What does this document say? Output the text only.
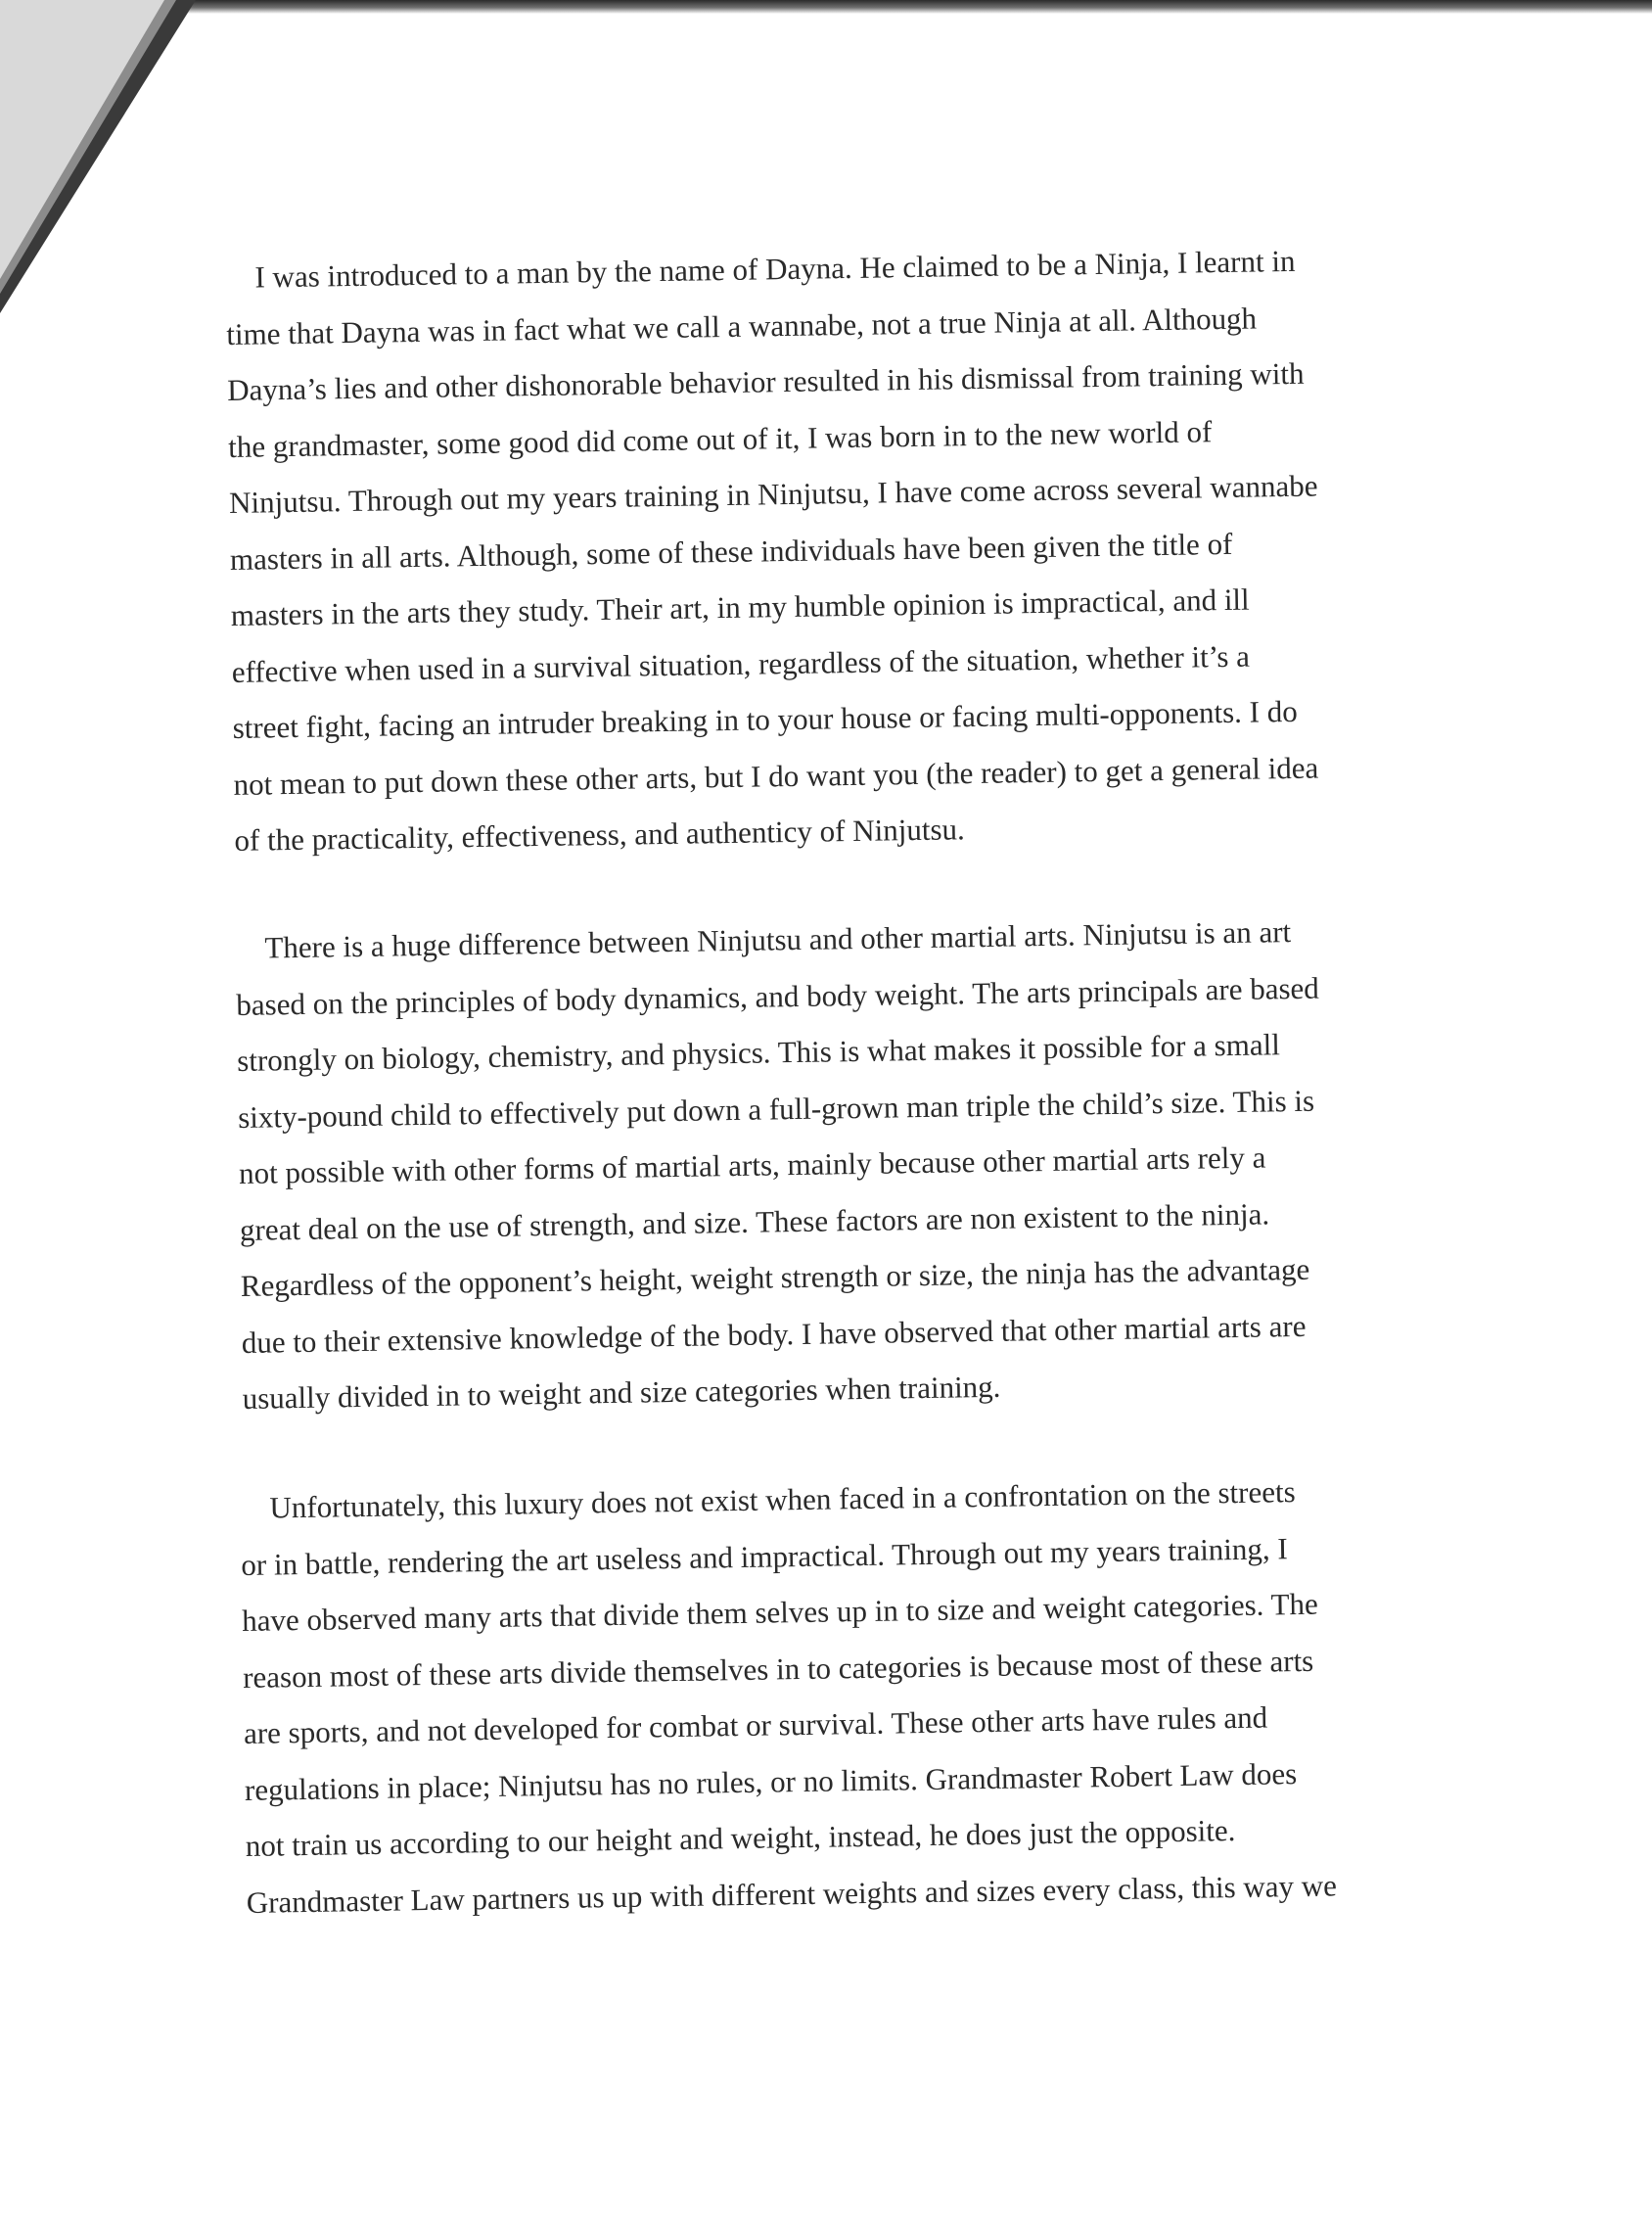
I was introduced to a man by the name of Dayna. He claimed to be a Ninja, I learnt in
time that Dayna was in fact what we call a wannabe, not a true Ninja at all. Although
Dayna’s lies and other dishonorable behavior resulted in his dismissal from training with
the grandmaster, some good did come out of it, I was born in to the new world of
Ninjutsu. Through out my years training in Ninjutsu, I have come across several wannabe
masters in all arts. Although, some of these individuals have been given the title of
masters in the arts they study. Their art, in my humble opinion is impractical, and ill
effective when used in a survival situation, regardless of the situation, whether it’s a
street fight, facing an intruder breaking in to your house or facing multi-opponents. I do
not mean to put down these other arts, but I do want you (the reader) to get a general idea
of the practicality, effectiveness, and authenticy of Ninjutsu.
There is a huge difference between Ninjutsu and other martial arts. Ninjutsu is an art
based on the principles of body dynamics, and body weight. The arts principals are based
strongly on biology, chemistry, and physics. This is what makes it possible for a small
sixty-pound child to effectively put down a full-grown man triple the child’s size. This is
not possible with other forms of martial arts, mainly because other martial arts rely a
great deal on the use of strength, and size. These factors are non existent to the ninja.
Regardless of the opponent’s height, weight strength or size, the ninja has the advantage
due to their extensive knowledge of the body. I have observed that other martial arts are
usually divided in to weight and size categories when training.
Unfortunately, this luxury does not exist when faced in a confrontation on the streets
or in battle, rendering the art useless and impractical. Through out my years training, I
have observed many arts that divide them selves up in to size and weight categories. The
reason most of these arts divide themselves in to categories is because most of these arts
are sports, and not developed for combat or survival. These other arts have rules and
regulations in place; Ninjutsu has no rules, or no limits. Grandmaster Robert Law does
not train us according to our height and weight, instead, he does just the opposite.
Grandmaster Law partners us up with different weights and sizes every class, this way we
